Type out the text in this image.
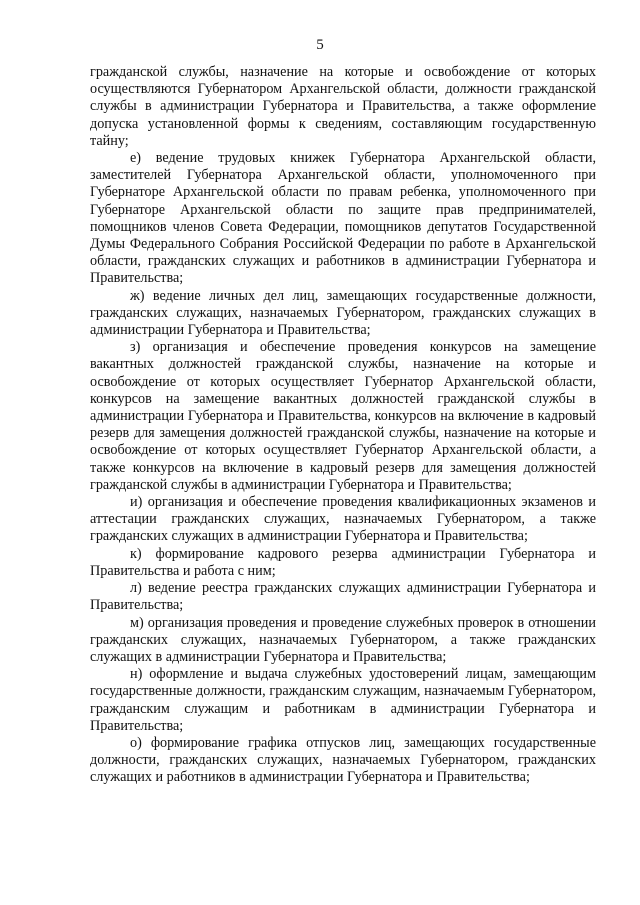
5

гражданской службы, назначение на которые и освобождение от которых осуществляются Губернатором Архангельской области, должности гражданской службы в администрации Губернатора и Правительства, а также оформление допуска установленной формы к сведениям, составляющим государственную тайну;

е) ведение трудовых книжек Губернатора Архангельской области, заместителей Губернатора Архангельской области, уполномоченного при Губернаторе Архангельской области по правам ребенка, уполномоченного при Губернаторе Архангельской области по защите прав предпринимателей, помощников членов Совета Федерации, помощников депутатов Государственной Думы Федерального Собрания Российской Федерации по работе в Архангельской области, гражданских служащих и работников в администрации Губернатора и Правительства;

ж) ведение личных дел лиц, замещающих государственные должности, гражданских служащих, назначаемых Губернатором, гражданских служащих в администрации Губернатора и Правительства;

з) организация и обеспечение проведения конкурсов на замещение вакантных должностей гражданской службы, назначение на которые и освобождение от которых осуществляет Губернатор Архангельской области, конкурсов на замещение вакантных должностей гражданской службы в администрации Губернатора и Правительства, конкурсов на включение в кадровый резерв для замещения должностей гражданской службы, назначение на которые и освобождение от которых осуществляет Губернатор Архангельской области, а также конкурсов на включение в кадровый резерв для замещения должностей гражданской службы в администрации Губернатора и Правительства;

и) организация и обеспечение проведения квалификационных экзаменов и аттестации гражданских служащих, назначаемых Губернатором, а также гражданских служащих в администрации Губернатора и Правительства;

к) формирование кадрового резерва администрации Губернатора и Правительства и работа с ним;

л) ведение реестра гражданских служащих администрации Губернатора и Правительства;

м) организация проведения и проведение служебных проверок в отношении гражданских служащих, назначаемых Губернатором, а также гражданских служащих в администрации Губернатора и Правительства;

н) оформление и выдача служебных удостоверений лицам, замещающим государственные должности, гражданским служащим, назначаемым Губернатором, гражданским служащим и работникам в администрации Губернатора и Правительства;

о) формирование графика отпусков лиц, замещающих государственные должности, гражданских служащих, назначаемых Губернатором, гражданских служащих и работников в администрации Губернатора и Правительства;
